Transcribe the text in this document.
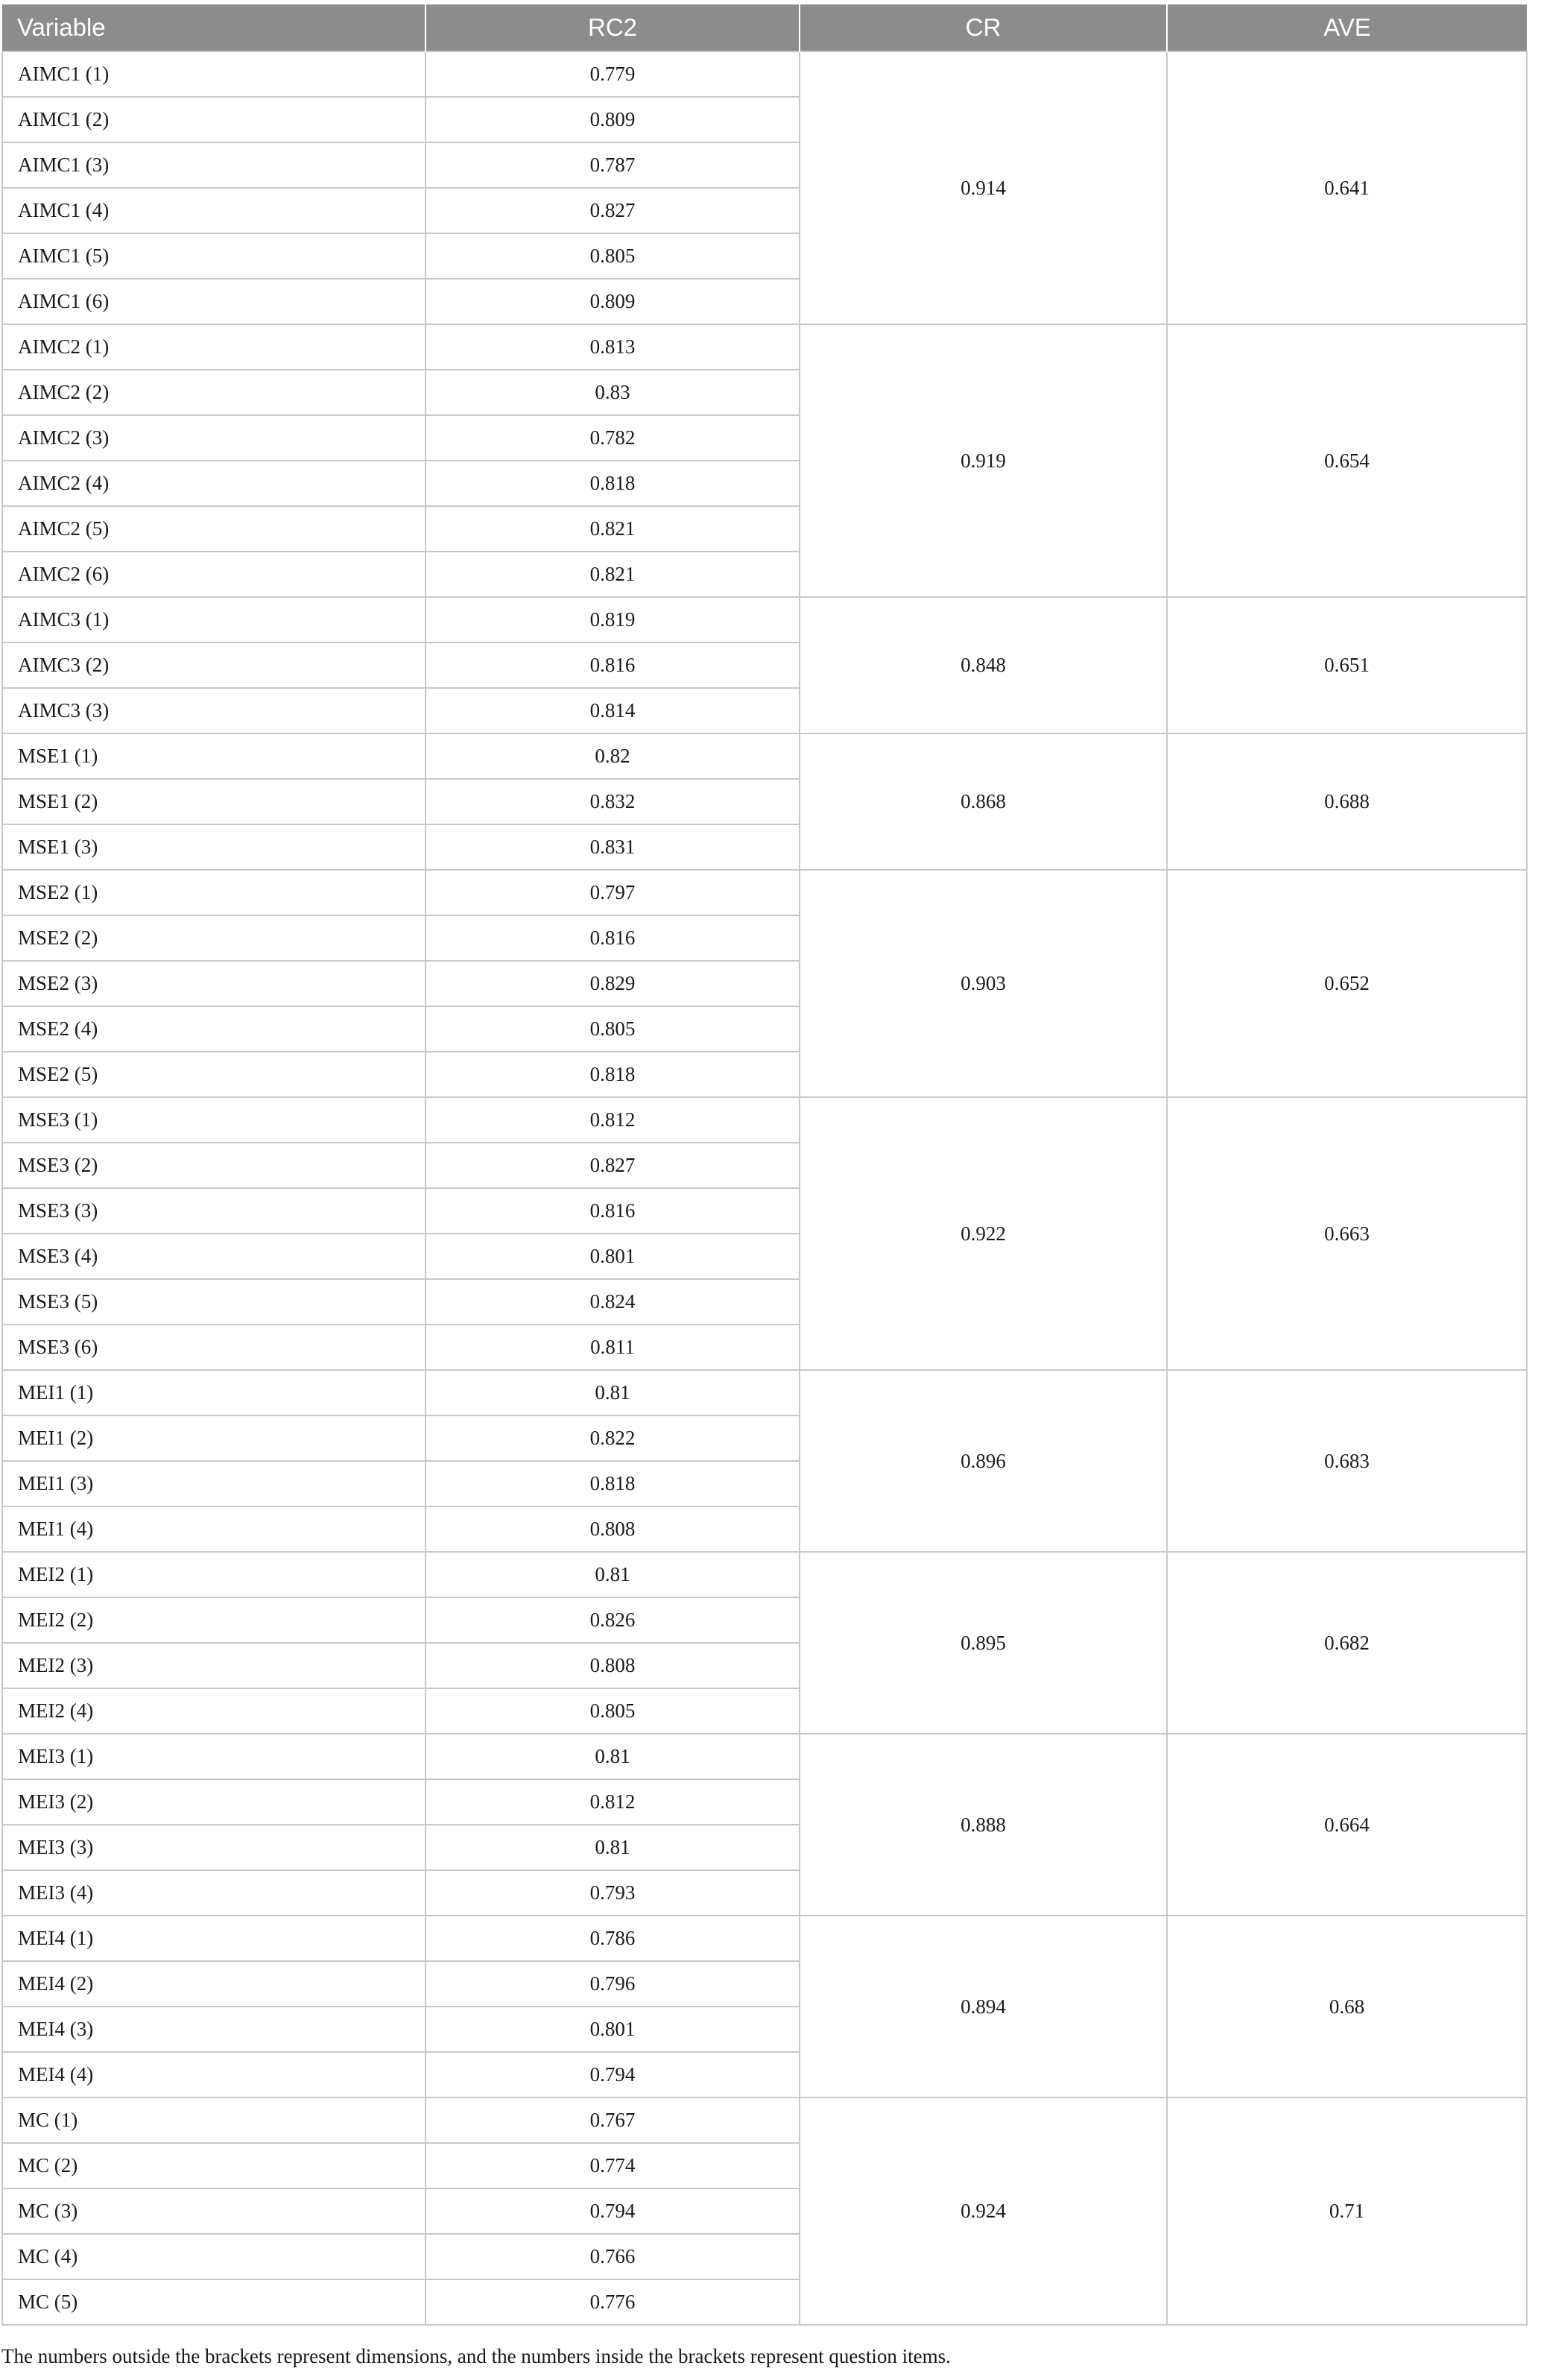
Variable	RC2	CR	AVE
AIMC1 (1)	0.779	0.914	0.641
AIMC1 (2)	0.809		
AIMC1 (3)	0.787		
AIMC1 (4)	0.827		
AIMC1 (5)	0.805		
AIMC1 (6)	0.809		
AIMC2 (1)	0.813	0.919	0.654
AIMC2 (2)	0.83		
AIMC2 (3)	0.782		
AIMC2 (4)	0.818		
AIMC2 (5)	0.821		
AIMC2 (6)	0.821		
AIMC3 (1)	0.819	0.848	0.651
AIMC3 (2)	0.816		
AIMC3 (3)	0.814		
MSE1 (1)	0.82	0.868	0.688
MSE1 (2)	0.832		
MSE1 (3)	0.831		
MSE2 (1)	0.797	0.903	0.652
MSE2 (2)	0.816		
MSE2 (3)	0.829		
MSE2 (4)	0.805		
MSE2 (5)	0.818		
MSE3 (1)	0.812	0.922	0.663
MSE3 (2)	0.827		
MSE3 (3)	0.816		
MSE3 (4)	0.801		
MSE3 (5)	0.824		
MSE3 (6)	0.811		
MEI1 (1)	0.81	0.896	0.683
MEI1 (2)	0.822		
MEI1 (3)	0.818		
MEI1 (4)	0.808		
MEI2 (1)	0.81	0.895	0.682
MEI2 (2)	0.826		
MEI2 (3)	0.808		
MEI2 (4)	0.805		
MEI3 (1)	0.81	0.888	0.664
MEI3 (2)	0.812		
MEI3 (3)	0.81		
MEI3 (4)	0.793		
MEI4 (1)	0.786	0.894	0.68
MEI4 (2)	0.796		
MEI4 (3)	0.801		
MEI4 (4)	0.794		
MC (1)	0.767	0.924	0.71
MC (2)	0.774		
MC (3)	0.794		
MC (4)	0.766		
MC (5)	0.776		
The numbers outside the brackets represent dimensions, and the numbers inside the brackets represent question items.
